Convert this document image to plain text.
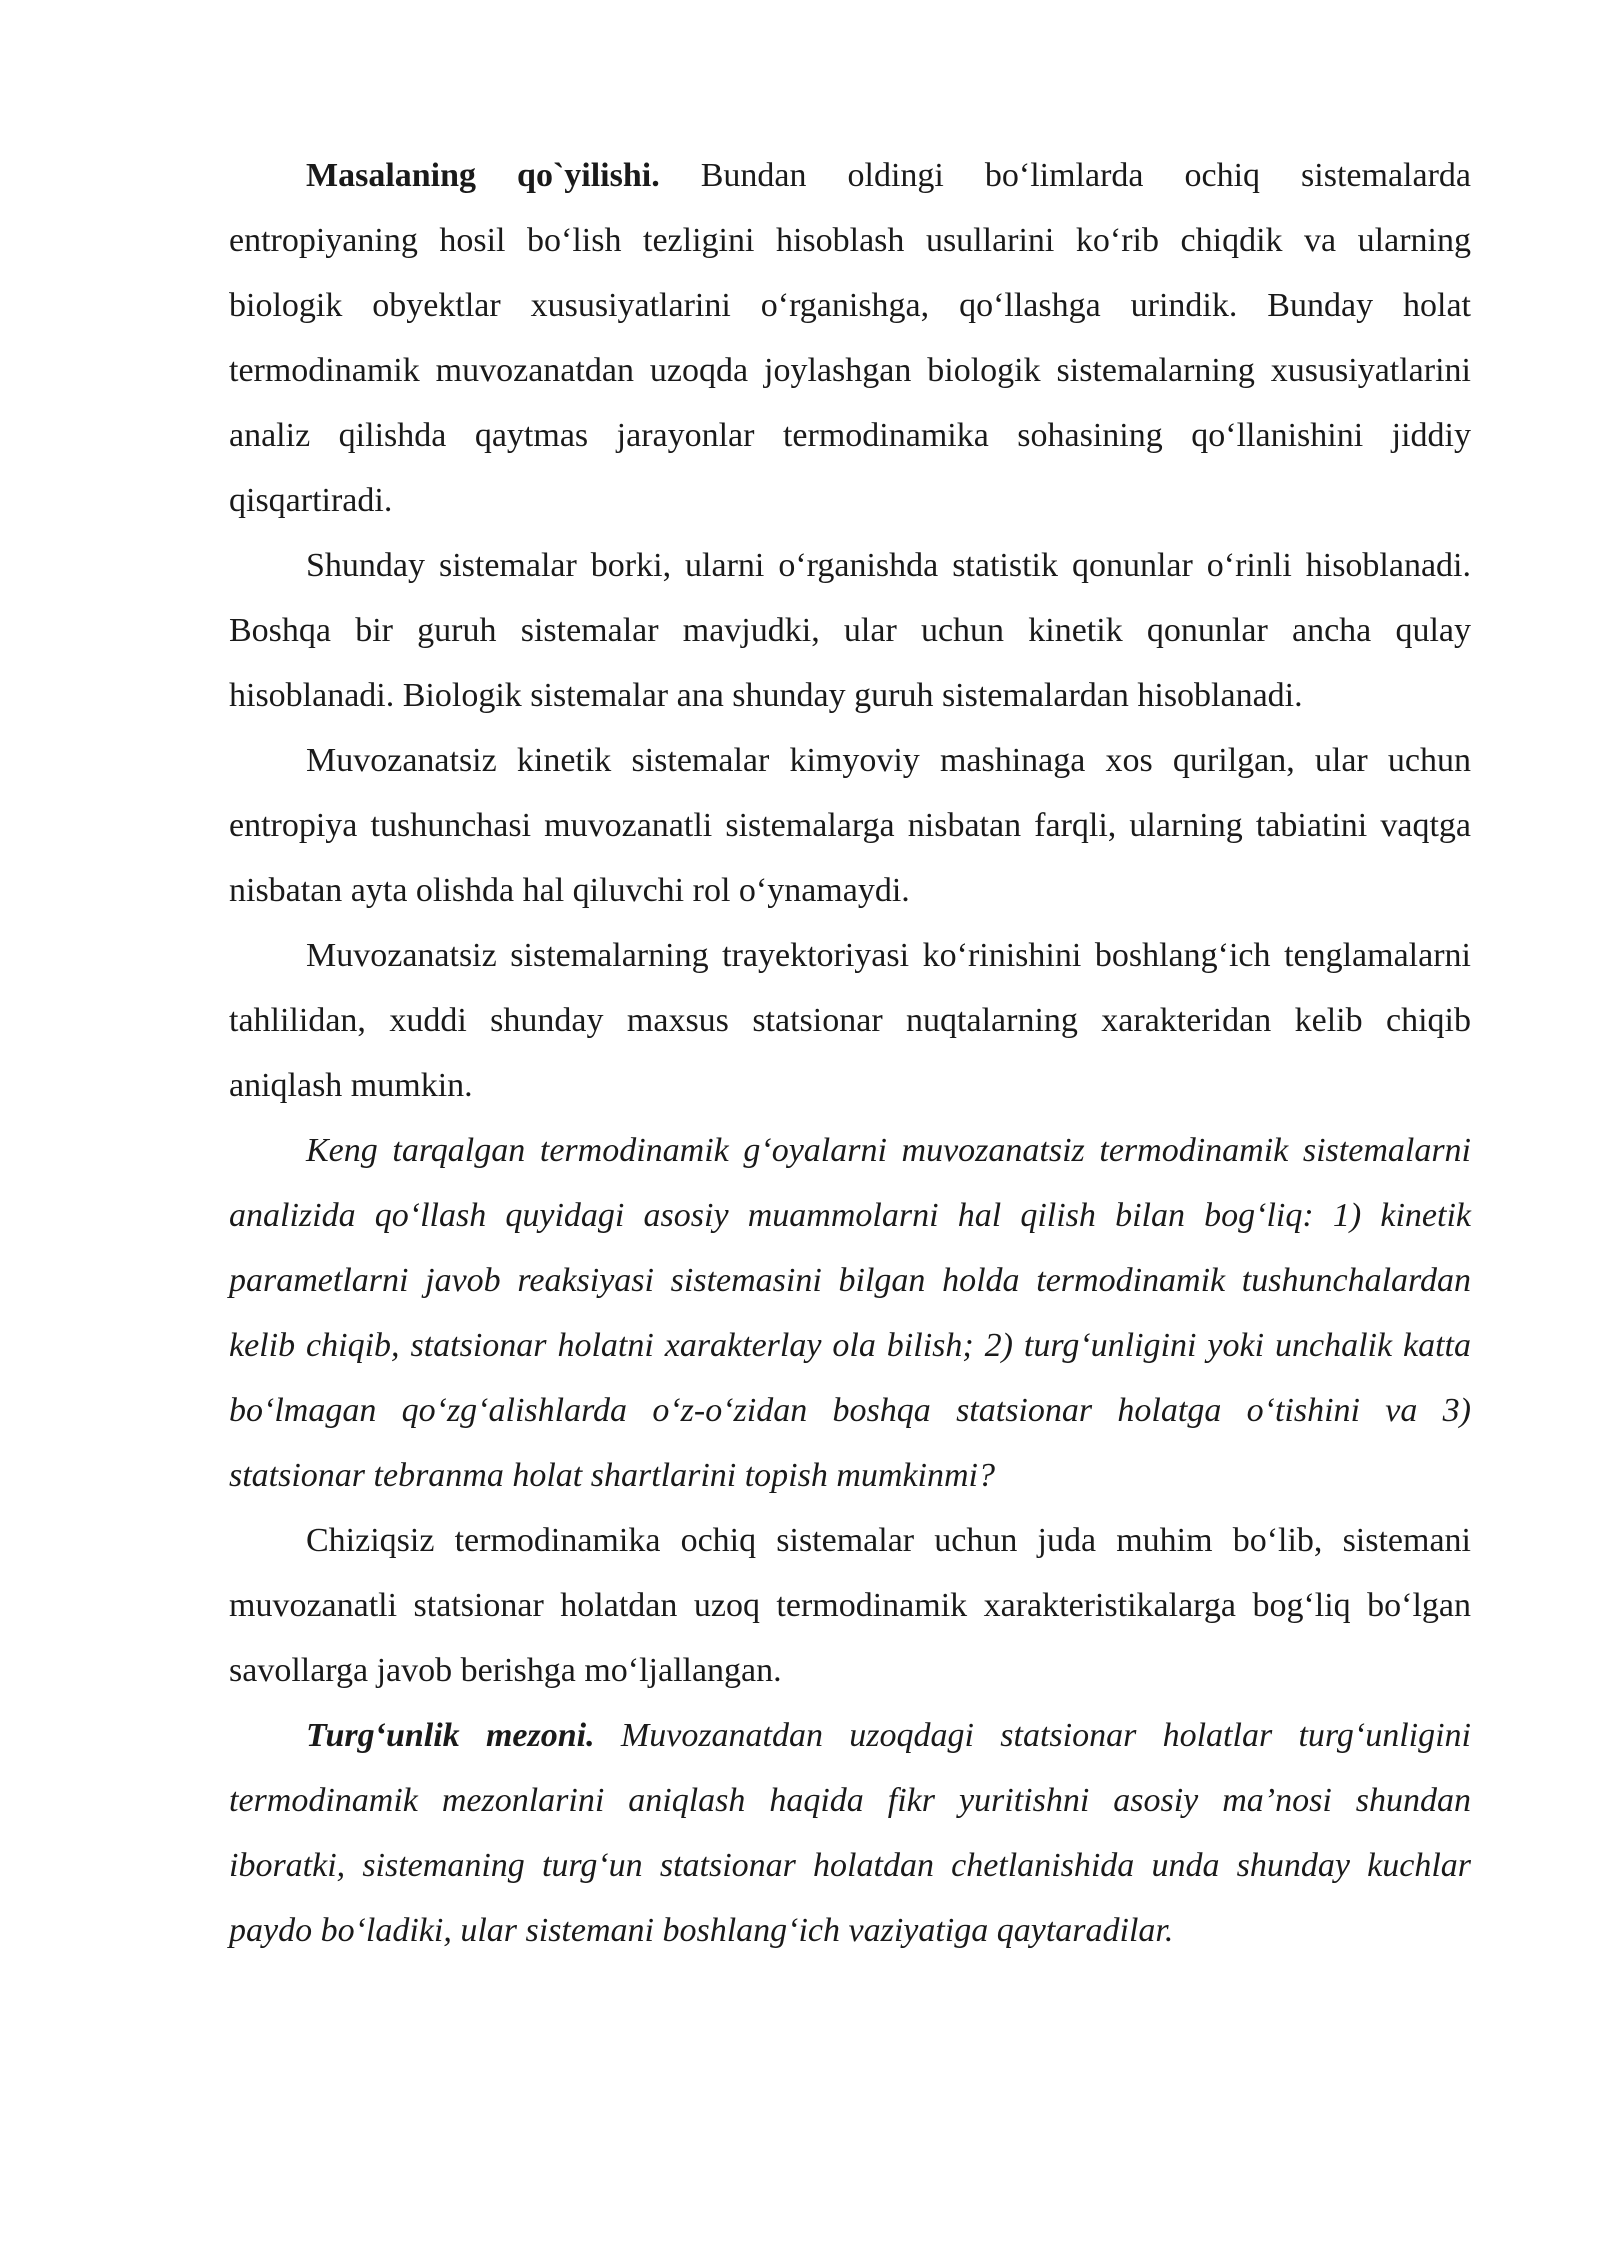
Masalaning qo`yilishi. Bundan oldingi bo‘limlarda ochiq sistemalarda entropiyaning hosil bo‘lish tezligini hisoblash usullarini ko‘rib chiqdik va ularning biologik obyektlar xususiyatlarini o‘rganishga, qo‘llashga urindik. Bunday holat termodinamik muvozanatdan uzoqda joylashgan biologik sistemalarning xususiyatlarini analiz qilishda qaytmas jarayonlar termodinamika sohasining qo‘llanishini jiddiy qisqartiradi.

Shunday sistemalar borki, ularni o‘rganishda statistik qonunlar o‘rinli hisoblanadi. Boshqa bir guruh sistemalar mavjudki, ular uchun kinetik qonunlar ancha qulay hisoblanadi. Biologik sistemalar ana shunday guruh sistemalardan hisoblanadi.

Muvozanatsiz kinetik sistemalar kimyoviy mashinaga xos qurilgan, ular uchun entropiya tushunchasi muvozanatli sistemalarga nisbatan farqli, ularning tabiatini vaqtga nisbatan ayta olishda hal qiluvchi rol o‘ynamaydi.

Muvozanatsiz sistemalarning trayektoriyasi ko‘rinishini boshlang‘ich tenglamalarni tahlilidan, xuddi shunday maxsus statsionar nuqtalarning xarakteridan kelib chiqib aniqlash mumkin.

Keng tarqalgan termodinamik g‘oyalarni muvozanatsiz termodinamik sistemalarni analizida qo‘llash quyidagi asosiy muammolarni hal qilish bilan bog‘liq: 1) kinetik parametlarni javob reaksiyasi sistemasini bilgan holda termodinamik tushunchalardan kelib chiqib, statsionar holatni xarakterlay ola bilish; 2) turg‘unligini yoki unchalik katta bo‘lmagan qo‘zg‘alishlarda o‘z-o‘zidan boshqa statsionar holatga o‘tishini va 3) statsionar tebranma holat shartlarini topish mumkinmi?

Chiziqsiz termodinamika ochiq sistemalar uchun juda muhim bo‘lib, sistemani muvozanatli statsionar holatdan uzoq termodinamik xarakteristikalarga bog‘liq bo‘lgan savollarga javob berishga mo‘ljallangan.

Turg‘unlik mezoni. Muvozanatdan uzoqdagi statsionar holatlar turg‘unligini termodinamik mezonlarini aniqlash haqida fikr yuritishni asosiy ma’nosi shundan iboratki, sistemaning turg‘un statsionar holatdan chetlanishida unda shunday kuchlar paydo bo‘ladiki, ular sistemani boshlang‘ich vaziyatiga qaytaradilar.
